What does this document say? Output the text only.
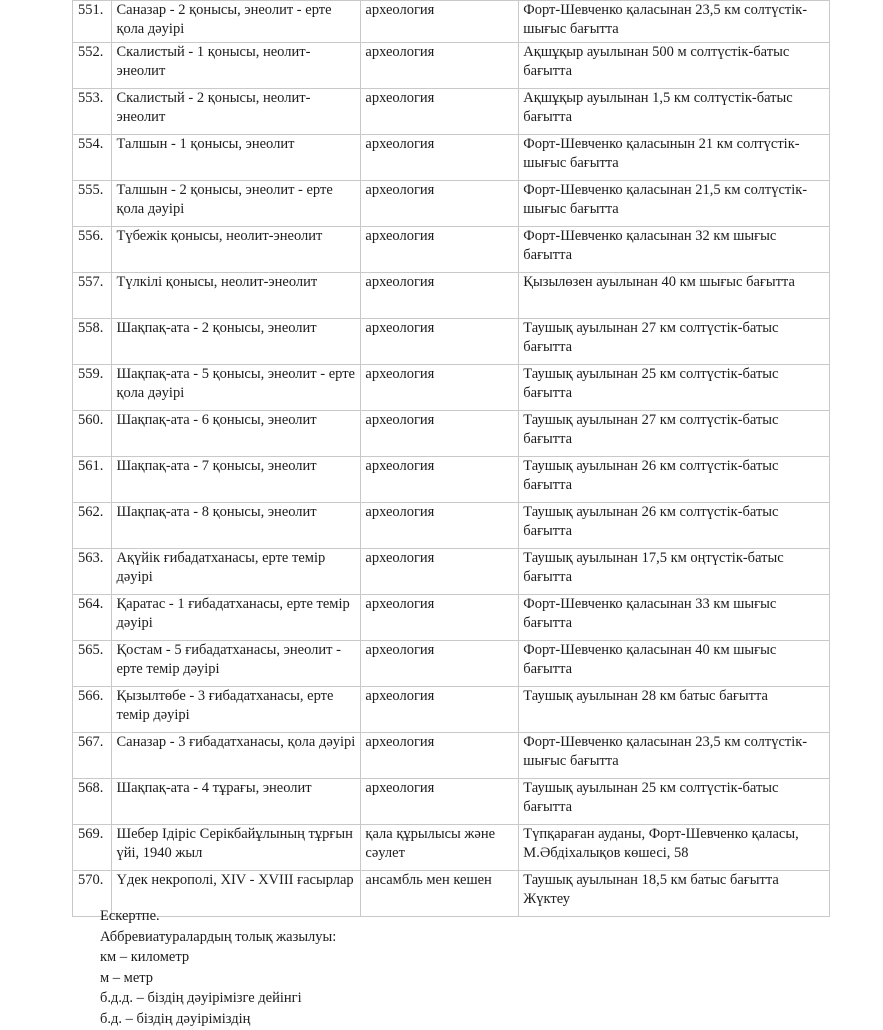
551.	Саназар - 2 қонысы, энеолит - ерте қола дәуірі	археология	Форт-Шевченко қаласынан 23,5 км солтүстік-шығыс бағытта
552.	Скалистый - 1 қонысы, неолит-энеолит	археология	Ақшұқыр ауылынан 500 м солтүстік-батыс бағытта
553.	Скалистый - 2 қонысы, неолит-энеолит	археология	Ақшұқыр ауылынан 1,5 км солтүстік-батыс бағытта
554.	Талшын - 1 қонысы, энеолит	археология	Форт-Шевченко қаласынын 21 км солтүстік-шығыс бағытта
555.	Талшын - 2 қонысы, энеолит - ерте қола дәуірі	археология	Форт-Шевченко қаласынан 21,5 км солтүстік-шығыс бағытта
556.	Түбежік қонысы, неолит-энеолит	археология	Форт-Шевченко қаласынан 32 км шығыс бағытта
557.	Түлкілі қонысы, неолит-энеолит	археология	Қызылөзен ауылынан 40 км шығыс бағытта
558.	Шақпақ-ата - 2 қонысы, энеолит	археология	Таушық ауылынан 27 км солтүстік-батыс бағытта
559.	Шақпақ-ата - 5 қонысы, энеолит - ерте қола дәуірі	археология	Таушық ауылынан 25 км солтүстік-батыс бағытта
560.	Шақпақ-ата - 6 қонысы, энеолит	археология	Таушық ауылынан 27 км солтүстік-батыс бағытта
561.	Шақпақ-ата - 7 қонысы, энеолит	археология	Таушық ауылынан 26 км солтүстік-батыс бағытта
562.	Шақпақ-ата - 8 қонысы, энеолит	археология	Таушық ауылынан 26 км солтүстік-батыс бағытта
563.	Ақүйік ғибадатханасы, ерте темір дәуірі	археология	Таушық ауылынан 17,5 км оңтүстік-батыс бағытта
564.	Қаратас - 1 ғибадатханасы, ерте темір дәуірі	археология	Форт-Шевченко қаласынан 33 км шығыс бағытта
565.	Қостам - 5 ғибадатханасы, энеолит - ерте темір дәуірі	археология	Форт-Шевченко қаласынан 40 км шығыс бағытта
566.	Қызылтөбе - 3 ғибадатханасы, ерте темір дәуірі	археология	Таушық ауылынан 28 км батыс бағытта
567.	Саназар - 3 ғибадатханасы, қола дәуірі	археология	Форт-Шевченко қаласынан 23,5 км солтүстік-шығыс бағытта
568.	Шақпақ-ата - 4 тұрағы, энеолит	археология	Таушық ауылынан 25 км солтүстік-батыс бағытта
569.	Шебер Ідіріс Серікбайұлының тұрғын үйі, 1940 жыл	қала құрылысы және сәулет	Түпқараған ауданы, Форт-Шевченко қаласы, М.Әбдіхалықов көшесі, 58
570.	Үдек некрополі, XIV - XVIII ғасырлар	ансамбль мен кешен	Таушық ауылынан 18,5 км батыс бағытта Жүктеу
Ескертпе.
Аббревиатуралардың толық жазылуы:
км – километр
м – метр
б.д.д. – біздің дәуірімізге дейінгі
б.д. – біздің дәуіріміздің
